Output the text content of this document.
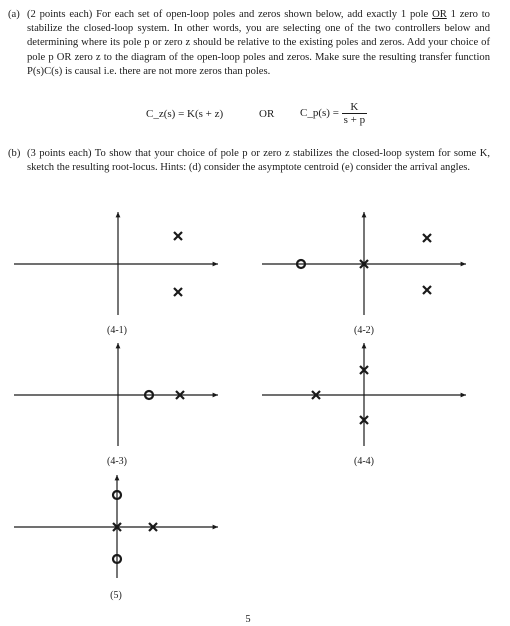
(a) (2 points each) For each set of open-loop poles and zeros shown below, add exactly 1 pole OR 1 zero to stabilize the closed-loop system. In other words, you are selecting one of the two controllers below and determining where its pole p or zero z should be relative to the existing poles and zeros. Add your choice of pole p OR zero z to the diagram of the open-loop poles and zeros. Make sure the resulting transfer function P(s)C(s) is causal i.e. there are not more zeros than poles.
C_z(s) = K(s + z)	OR C_p(s) = $\frac{K}{s + p}$
(b) (3 points each) To show that your choice of pole p or zero z stabilizes the closed-loop system for some K, sketch the resulting root-locus. Hints: (d) consider the asymptote centroid (e) consider the arrival angles.
(4-1)	(4-2)
(4-3)	(4-4)
(5)
5
